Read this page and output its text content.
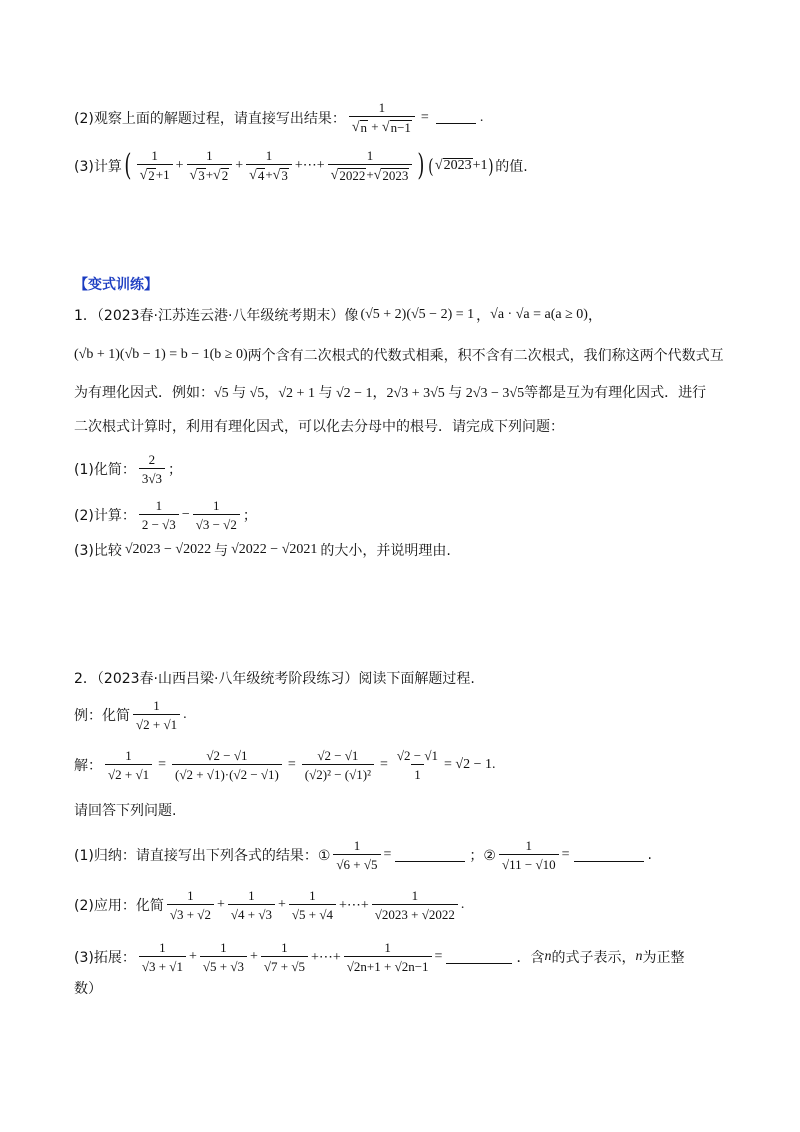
(2)观察上面的解题过程，请直接写出结果： $\frac{1}{√ n + √ n-1}$ =	.
(3)计算 ( $\frac{1}{√ 2 +1} + \frac{1}{√ 3 + √ 2} + \frac{1}{√ 4 + √ 3}$ +⋯+ $\frac{1}{√ 2022 + √ 2023}$ ) ( √ 2023 +1 ) 的值.
【变式训练】
1．（2023春·江苏连云港·八年级统考期末）像 (√5 + 2)(√5 − 2) = 1 ， √a · √a = a(a ≥ 0) ，
(√b + 1)(√b − 1) = b − 1(b ≥ 0) 两个含有二次根式的代数式相乘，积不含有二次根式，我们称这两个代数式互
为有理化因式．例如： √5 与 √5 ， √2 + 1 与 √2 − 1 ， 2√3 + 3√5 与 2√3 − 3√5 等都是互为有理化因式．进行
二次根式计算时，利用有理化因式，可以化去分母中的根号．请完成下列问题：
(1)化简： $\frac{2}{3√3}$ ；
(2)计算： $\frac{1}{2 - √3} - \frac{1}{√3 - √2}$ ；
(3)比较 √2023 − √2022 与 √2022 − √2021 的大小，并说明理由.
2．（2023春·山西吕梁·八年级统考阶段练习）阅读下面解题过程.
例：化简 $\frac{1}{√2 + √1}$ .
解： $\frac{1}{√2 + √1} = \frac{√2 - √1}{(√2 + √1)\cdot(√2 - √1)} = \frac{√2 - √1}{\text{(√2)² − (√1)²}} = \frac{√2 - √1}{1} = √2 - 1$ .
请回答下列问题.
(1)归纳：请直接写出下列各式的结果：① $\frac{1}{√6 + √5}$ =	；② $\frac{1}{√11 - √10}$ =	.
(2)应用：化简 $\frac{1}{√3 + √2} + \frac{1}{√4 + √3} + \frac{1}{√5 + √4}$ +⋯+ $\frac{1}{√2023 + √2022}$ .
(3)拓展： $\frac{1}{√3 + √1} + \frac{1}{√5 + √3} + \frac{1}{√7 + √5}$ +⋯+ $\frac{1}{√2n+1 + √2n-1}$ =	．含 n 的式子表示， n 为正整
数）
